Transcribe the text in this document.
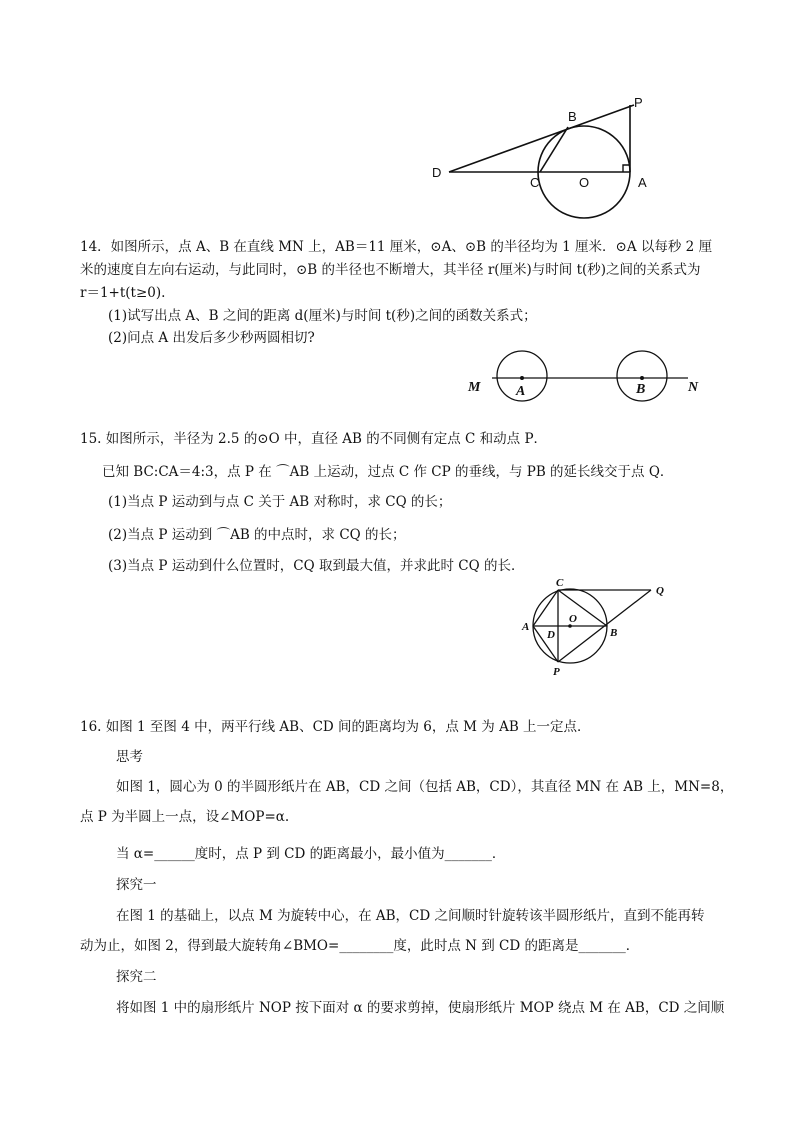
P
B
D
C	O	A
14．如图所示，点 A、B 在直线 MN 上，AB＝11 厘米，⊙A、⊙B 的半径均为 1 厘米．⊙A 以每秒 2 厘
米的速度自左向右运动，与此同时，⊙B 的半径也不断增大，其半径 r(厘米)与时间 t(秒)之间的关系式为
r＝1+t(t≥0).
(1)试写出点 A、B 之间的距离 d(厘米)与时间 t(秒)之间的函数关系式；
(2)问点 A 出发后多少秒两圆相切?
M	A	B	N
15. 如图所示，半径为 2.5 的⊙O 中，直径 AB 的不同侧有定点 C 和动点 P．
已知 BC:CA＝4:3，点 P 在 ⌒AB 上运动，过点 C 作 CP 的垂线，与 PB 的延长线交于点 Q．
(1)当点 P 运动到与点 C 关于 AB 对称时，求 CQ 的长；
(2)当点 P 运动到 ⌒AB 的中点时，求 CQ 的长；
(3)当点 P 运动到什么位置时，CQ 取到最大值，并求此时 CQ 的长．
C
Q
O
A
D	B
P
16. 如图 1 至图 4 中，两平行线 AB、CD 间的距离均为 6，点 M 为 AB 上一定点．
思考
如图 1，圆心为 0 的半圆形纸片在 AB，CD 之间（包括 AB，CD），其直径 MN 在 AB 上，MN=8，
点 P 为半圆上一点，设∠MOP=α.
当 α=______度时，点 P 到 CD 的距离最小，最小值为_______．
探究一
在图 1 的基础上，以点 M 为旋转中心，在 AB，CD 之间顺时针旋转该半圆形纸片，直到不能再转
动为止，如图 2，得到最大旋转角∠BMO=________度，此时点 N 到 CD 的距离是_______．
探究二
将如图 1 中的扇形纸片 NOP 按下面对 α 的要求剪掉，使扇形纸片 MOP 绕点 M 在 AB，CD 之间顺
